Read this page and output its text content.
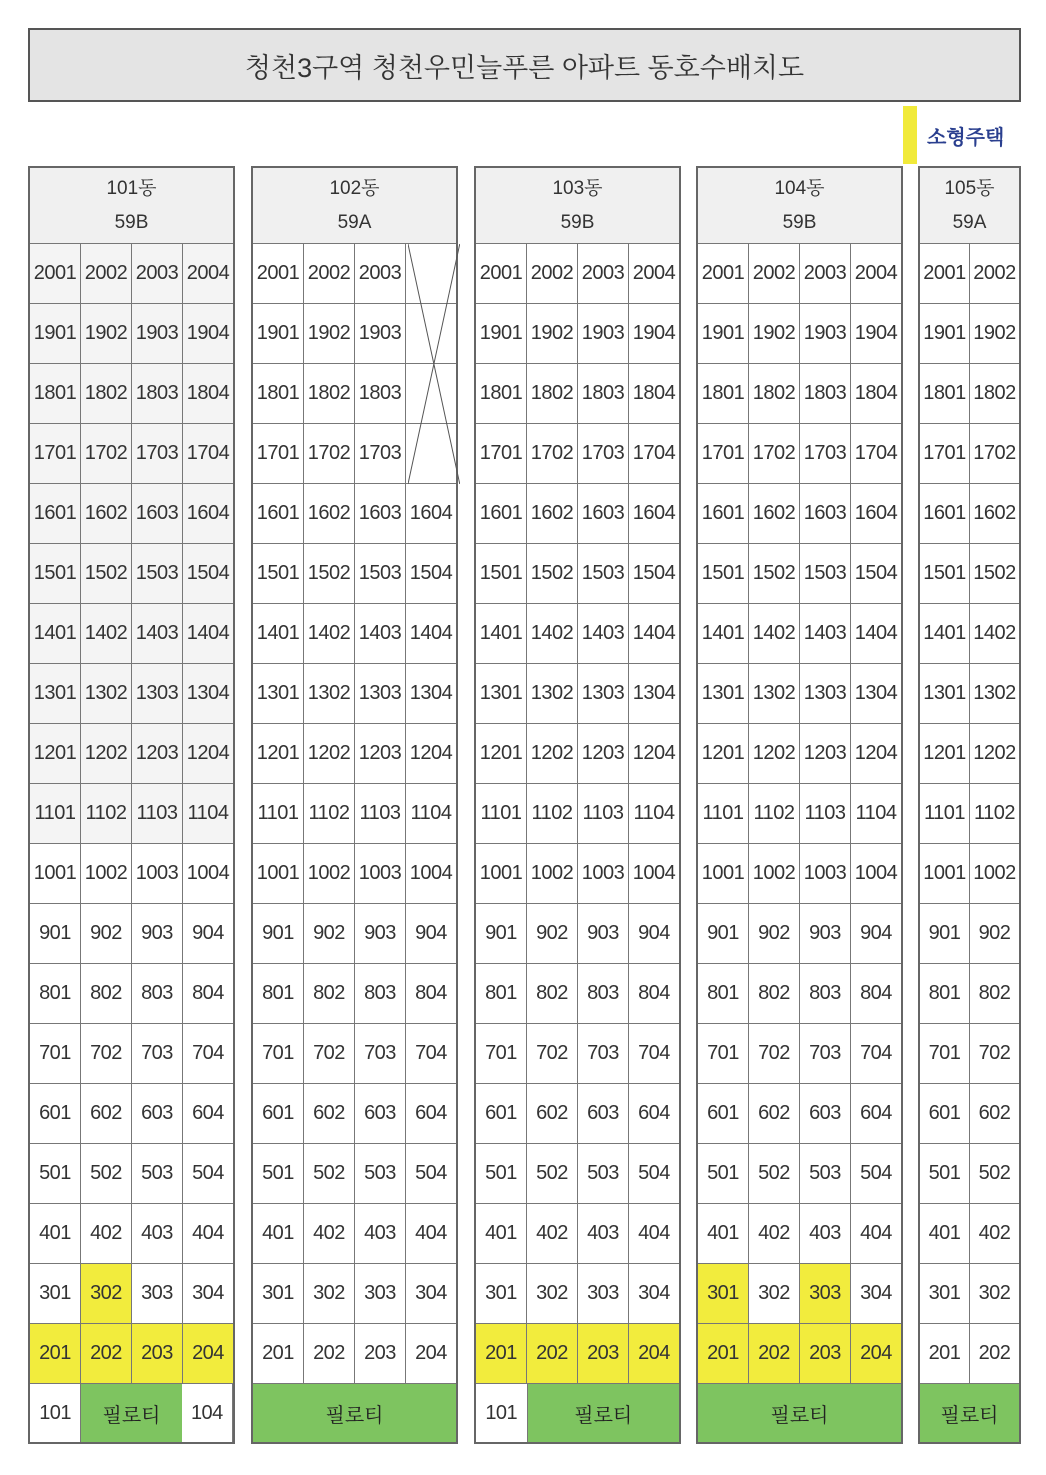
청천3구역 청천우민늘푸른 아파트 동호수배치도
소형주택
101동
59B
2001 2002 2003 2004
1901 1902 1903 1904
1801 1802 1803 1804
1701 1702 1703 1704
1601 1602 1603 1604
1501 1502 1503 1504
1401 1402 1403 1404
1301 1302 1303 1304
1201 1202 1203 1204
1101 1102 1103 1104
1001 1002 1003 1004
901 902 903 904
801 802 803 804
701 702 703 704
601 602 603 604
501 502 503 504
401 402 403 404
301 302 303 304
201 202 203 204
101	필로티	104
102동
59A
2001 2002 2003
1901 1902 1903
1801 1802 1803
1701 1702 1703
1601 1602 1603 1604
1501 1502 1503 1504
1401 1402 1403 1404
1301 1302 1303 1304
1201 1202 1203 1204
1101 1102 1103 1104
1001 1002 1003 1004
901 902 903 904
801 802 803 804
701 702 703 704
601 602 603 604
501 502 503 504
401 402 403 404
301 302 303 304
201 202 203 204
필로티
103동
59B
2001 2002 2003 2004
1901 1902 1903 1904
1801 1802 1803 1804
1701 1702 1703 1704
1601 1602 1603 1604
1501 1502 1503 1504
1401 1402 1403 1404
1301 1302 1303 1304
1201 1202 1203 1204
1101 1102 1103 1104
1001 1002 1003 1004
901 902 903 904
801 802 803 804
701 702 703 704
601 602 603 604
501 502 503 504
401 402 403 404
301 302 303 304
201 202 203 204
101	필로티
104동
59B
2001 2002 2003 2004
1901 1902 1903 1904
1801 1802 1803 1804
1701 1702 1703 1704
1601 1602 1603 1604
1501 1502 1503 1504
1401 1402 1403 1404
1301 1302 1303 1304
1201 1202 1203 1204
1101 1102 1103 1104
1001 1002 1003 1004
901 902 903 904
801 802 803 804
701 702 703 704
601 602 603 604
501 502 503 504
401 402 403 404
301 302 303 304
201 202 203 204
필로티
105동
59A
2001 2002
1901 1902
1801 1802
1701 1702
1601 1602
1501 1502
1401 1402
1301 1302
1201 1202
1101 1102
1001 1002
901 902
801 802
701 702
601 602
501 502
401 402
301 302
201 202
필로티
